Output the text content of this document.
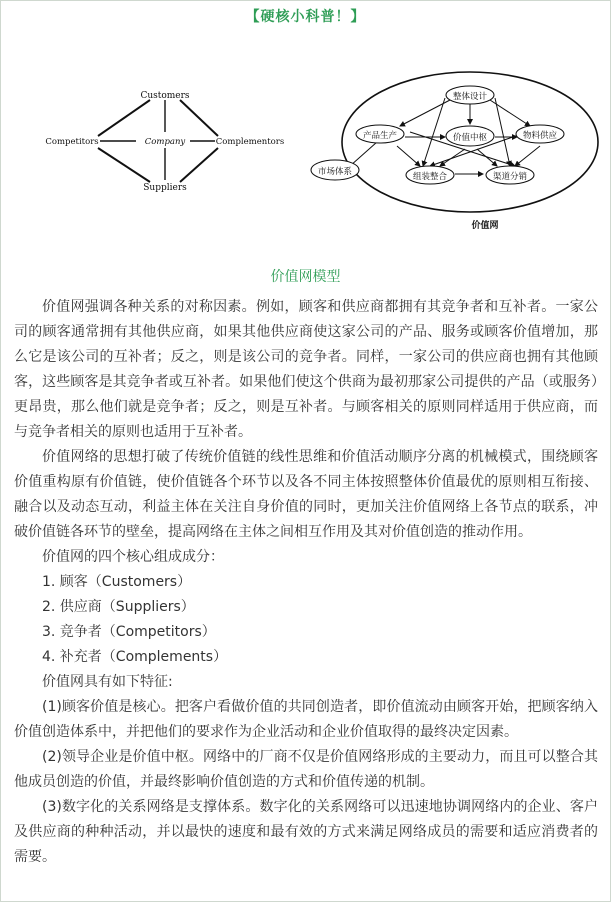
【硬核小科普！】
Customers
Competitors	Company	Complementors
Suppliers
整体设计
产品生产	价值中枢	物料供应
组装整合	渠道分销
市场体系
价值网
价值网模型

价值网强调各种关系的对称因素。例如，顾客和供应商都拥有其竞争者和互补者。一家公司的顾客通常拥有其他供应商，如果其他供应商使这家公司的产品、服务或顾客价值增加，那么它是该公司的互补者；反之，则是该公司的竞争者。同样，一家公司的供应商也拥有其他顾客，这些顾客是其竞争者或互补者。如果他们使这个供商为最初那家公司提供的产品（或服务）更昂贵，那么他们就是竞争者；反之，则是互补者。与顾客相关的原则同样适用于供应商，而与竞争者相关的原则也适用于互补者。

价值网络的思想打破了传统价值链的线性思维和价值活动顺序分离的机械模式，围绕顾客价值重构原有价值链，使价值链各个环节以及各不同主体按照整体价值最优的原则相互衔接、融合以及动态互动，利益主体在关注自身价值的同时，更加关注价值网络上各节点的联系，冲破价值链各环节的壁垒，提高网络在主体之间相互作用及其对价值创造的推动作用。

价值网的四个核心组成成分：

1. 顾客（Customers）
2. 供应商（Suppliers）
3. 竞争者（Competitors）
4. 补充者（Complements）

价值网具有如下特征:

(1)顾客价值是核心。把客户看做价值的共同创造者，即价值流动由顾客开始，把顾客纳入价值创造体系中，并把他们的要求作为企业活动和企业价值取得的最终决定因素。

(2)领导企业是价值中枢。网络中的厂商不仅是价值网络形成的主要动力，而且可以整合其他成员创造的价值，并最终影响价值创造的方式和价值传递的机制。

(3)数字化的关系网络是支撑体系。数字化的关系网络可以迅速地协调网络内的企业、客户及供应商的种种活动，并以最快的速度和最有效的方式来满足网络成员的需要和适应消费者的需要。
